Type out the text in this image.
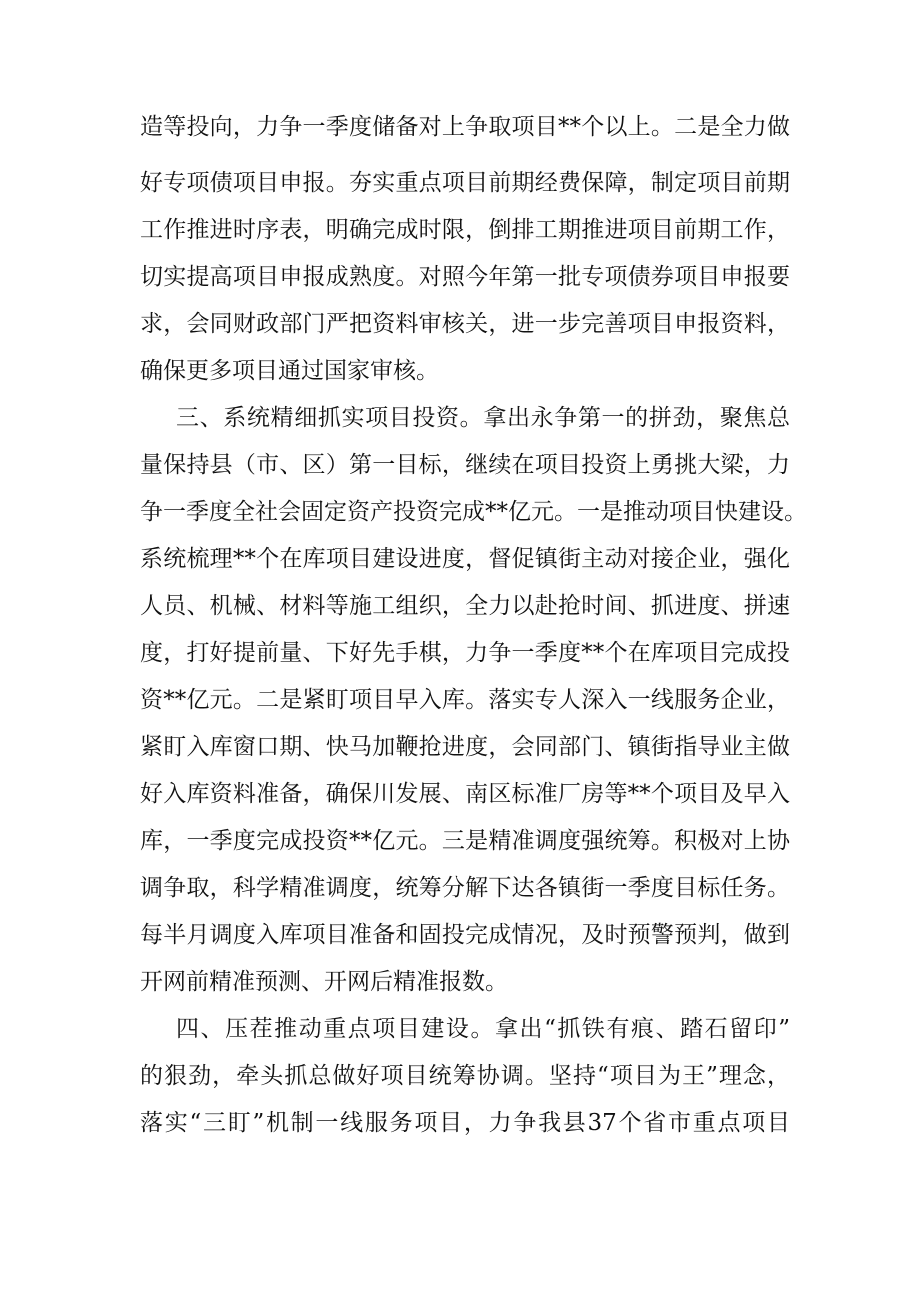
造等投向，力争一季度储备对上争取项目**个以上。二是全力做
好专项债项目申报。夯实重点项目前期经费保障，制定项目前期
工作推进时序表，明确完成时限，倒排工期推进项目前期工作，
切实提高项目申报成熟度。对照今年第一批专项债券项目申报要
求，会同财政部门严把资料审核关，进一步完善项目申报资料，
确保更多项目通过国家审核。
三、系统精细抓实项目投资。拿出永争第一的拼劲，聚焦总
量保持县（市、区）第一目标，继续在项目投资上勇挑大梁，力
争一季度全社会固定资产投资完成**亿元。一是推动项目快建设。
系统梳理**个在库项目建设进度，督促镇街主动对接企业，强化
人员、机械、材料等施工组织，全力以赴抢时间、抓进度、拼速
度，打好提前量、下好先手棋，力争一季度**个在库项目完成投
资**亿元。二是紧盯项目早入库。落实专人深入一线服务企业，
紧盯入库窗口期、快马加鞭抢进度，会同部门、镇街指导业主做
好入库资料准备，确保川发展、南区标准厂房等**个项目及早入
库，一季度完成投资**亿元。三是精准调度强统筹。积极对上协
调争取，科学精准调度，统筹分解下达各镇街一季度目标任务。
每半月调度入库项目准备和固投完成情况，及时预警预判，做到
开网前精准预测、开网后精准报数。
四、压茬推动重点项目建设。拿出“抓铁有痕、踏石留印”
的狠劲，牵头抓总做好项目统筹协调。坚持“项目为王”理念，
落实“三盯”机制一线服务项目，力争我县37个省市重点项目
